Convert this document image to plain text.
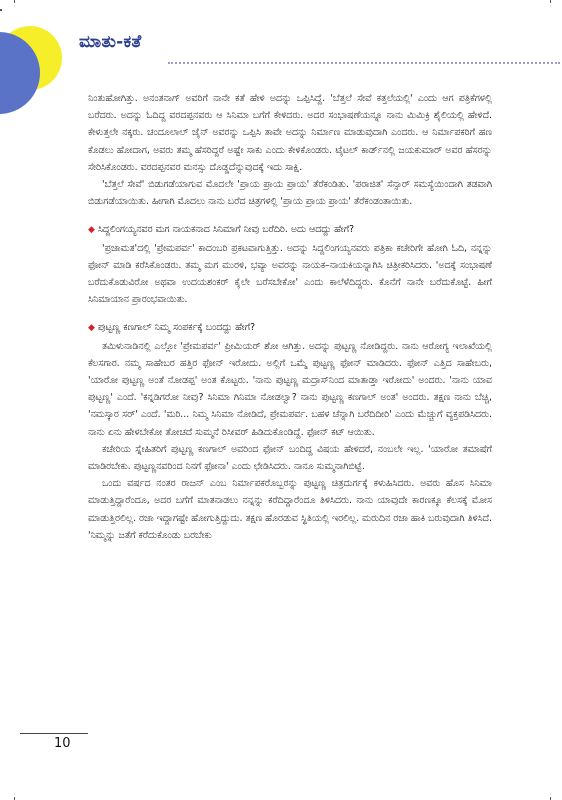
ಮಾತು-ಕತೆ

ನಿಂತುಹೋಗಿತ್ತು. ಅನಂತನಾಗ್ ಅವರಿಗೆ ನಾನೇ ಕತೆ ಹೇಳಿ ಅದನ್ನು ಒಪ್ಪಿಸಿದ್ದೆ. 'ಬೆತ್ತಲೆ ಸೇವೆ ಕತ್ತಲೆಯಲ್ಲಿ' ಎಂದು ಆಗ ಪತ್ರಿಕೆಗಳಲ್ಲಿ ಬರೆದರು. ಅದನ್ನು ಓದಿದ್ದ ವರದಪ್ಪನವರು ಆ ಸಿನಿಮಾ ಬಗೆಗೆ ಕೇಳಿದರು. ಅದರ ಸಂಭಾಷಣೆಯನ್ನೂ ನಾನು ಮಿಮಿಕ್ರಿ ಶೈಲಿಯಲ್ಲಿ ಹೇಳಿದೆ. ಕೇಳುತ್ತಲೇ ನಕ್ಕರು. ಚಂದೂಲಾಲ್ ಜೈನ್ ಅವರನ್ನು ಒಪ್ಪಿಸಿ ತಾವೇ ಅದನ್ನು ನಿರ್ಮಾಣ ಮಾಡುವುದಾಗಿ ಎಂದರು. ಆ ನಿರ್ಮಾಪಕರಿಗೆ ಹಣ ಕೊಡಲು ಹೋದಾಗ, ಅವರು ತಮ್ಮ ಹೆಸರಿದ್ದರೆ ಅಷ್ಟೇ ಸಾಕು ಎಂದು ಕೇಳಿಕೊಂಡರು. ಟೈಟಲ್ ಕಾರ್ಡ್‌ನಲ್ಲಿ ಜಯಕುಮಾರ್ ಅವರ ಹೆಸರನ್ನು ಸೇರಿಸಿಕೊಂಡರು. ವರದಪ್ಪನವರ ಮನಸ್ಸು ದೊಡ್ಡದೆನ್ನುವುದಕ್ಕೆ ಇದು ಸಾಕ್ಷಿ.

'ಬೆತ್ತಲೆ ಸೇವೆ' ಬಿಡುಗಡೆಯಾಗುವ ಮೊದಲೇ 'ಪ್ರಾಯ ಪ್ರಾಯ ಪ್ರಾಯ' ತೆರೆಕಂಡಿತು. 'ಪರಾಜಿತ' ಸೆನ್ಸಾರ್ ಸಮಸ್ಯೆಯಿಂದಾಗಿ ತಡವಾಗಿ ಬಿಡುಗಡೆಯಾಯಿತು. ಹೀಗಾಗಿ ಮೊದಲು ನಾನು ಬರೆದ ಚಿತ್ರಗಳಲ್ಲಿ 'ಪ್ರಾಯ ಪ್ರಾಯ ಪ್ರಾಯ' ತೆರೆಕಂಡಂತಾಯಿತು.

◆ ಸಿದ್ದಲಿಂಗಯ್ಯನವರ ಮಗ ನಾಯಕನಾದ ಸಿನಿಮಾಗೆ ನೀವು ಬರೆದಿರಿ. ಅದು ಆದದ್ದು ಹೇಗೆ?

'ಪ್ರಜಾಮತ'ದಲ್ಲಿ 'ಪ್ರೇಮಪರ್ವ' ಕಾದಂಬರಿ ಪ್ರಕಟವಾಗುತ್ತಿತ್ತು. ಅದನ್ನು ಸಿದ್ದಲಿಂಗಯ್ಯನವರು ಪತ್ರಿಕಾ ಕಚೇರಿಗೇ ಹೋಗಿ ಓದಿ, ನನ್ನನ್ನು ಫೋನ್ ಮಾಡಿ ಕರೆಸಿಕೊಂಡರು. ತಮ್ಮ ಮಗ ಮುರಳಿ, ಭವ್ಯಾ ಅವರನ್ನು ನಾಯಕ–ನಾಯಕಿಯನ್ನಾಗಿಸಿ ಚಿತ್ರೀಕರಿಸಿದರು. 'ಅದಕ್ಕೆ ಸಂಭಾಷಣೆ ಬರೆದುಕೊಡುವಿರೋ ಅಥವಾ ಉದಯಶಂಕರ್ ಕೈಲೇ ಬರೆಸಬೇಕೋ' ಎಂದು ಕಾಲೆಳೆದಿದ್ದರು. ಕೊನೆಗೆ ನಾನೇ ಬರೆದುಕೊಟ್ಟೆ. ಹೀಗೆ ಸಿನಿಮಾಯಾನ ಪ್ರಾರಂಭವಾಯಿತು.

◆ ಪುಟ್ಟಣ್ಣ ಕಣಗಾಲ್ ನಿಮ್ಮ ಸಂಪರ್ಕಕ್ಕೆ ಬಂದದ್ದು ಹೇಗೆ?

ತಮಿಳುನಾಡಿನಲ್ಲಿ ಎಲ್ಲೋ 'ಪ್ರೇಮಪರ್ವ' ಪ್ರೀಮಿಯರ್ ಶೋ ಆಗಿತ್ತು. ಅದನ್ನು ಪುಟ್ಟಣ್ಣ ನೋಡಿದ್ದರು. ನಾನು ಆರೋಗ್ಯ ಇಲಾಖೆಯಲ್ಲಿ ಕೆಲಸಗಾರ. ನಮ್ಮ ಸಾಹೇಬರ ಹತ್ತಿರ ಫೋನ್ ಇರೋದು. ಅಲ್ಲಿಗೆ ಒಮ್ಮೆ ಪುಟ್ಟಣ್ಣ ಫೋನ್ ಮಾಡಿದರು. ಫೋನ್ ಎತ್ತಿದ ಸಾಹೇಬರು, 'ಯಾರೋ ಪುಟ್ಟಣ್ಣ ಅಂತೆ ನೋಡಪ್ಪ' ಅಂತ ಕೊಟ್ಟರು. 'ನಾನು ಪುಟ್ಟಣ್ಣ ಮದ್ರಾಸ್‌ನಿಂದ ಮಾತಾಡ್ತಾ ಇರೋದು' ಅಂದರು. 'ನಾನು ಯಾವ ಪುಟ್ಟಣ್ಣ' ಎಂದೆ. 'ಕನ್ನಡಿಗರೋ ನೀವು? ಸಿನಿಮಾ ಗಿನಿಮಾ ನೋಡಲ್ವಾ? ನಾನು ಪುಟ್ಟಣ್ಣ ಕಣಗಾಲ್ ಅಂತ' ಅಂದರು. ತಕ್ಷಣ ನಾನು ಬೆಚ್ಚಿ, 'ನಮಸ್ಕಾರ ಸರ್' ಎಂದೆ. 'ಮರಿ... ನಿಮ್ಮ ಸಿನಿಮಾ ನೋಡಿದೆ, ಪ್ರೇಮಪರ್ವ. ಬಹಳ ಚೆನ್ನಾಗಿ ಬರೆದಿದೀರಿ' ಎಂದು ಮೆಚ್ಚುಗೆ ವ್ಯಕ್ತಪಡಿಸಿದರು. ನಾನು ಏನು ಹೇಳಬೇಕೋ ತೋಚದೆ ಸುಮ್ಮನೆ ರಿಸೀವರ್ ಹಿಡಿದುಕೊಂಡಿದ್ದೆ. ಫೋನ್ ಕಟ್ ಆಯಿತು.

ಕಚೇರಿಯ ಸ್ನೇಹಿತರಿಗೆ ಪುಟ್ಟಣ್ಣ ಕಣಗಾಲ್ ಅವರಿಂದ ಫೋನ್ ಬಂದಿದ್ದ ವಿಷಯ ಹೇಳಿದರೆ, ನಂಬಲೇ ಇಲ್ಲ. 'ಯಾರೋ ತಮಾಷೆಗೆ ಮಾಡಿರಬೇಕು. ಪುಟ್ಟಣ್ಣನವರಿಂದ ನಿನಗೆ ಫೋನಾ' ಎಂದು ಛೇಡಿಸಿದರು. ನಾನೂ ಸುಮ್ಮನಾಗಿಬಿಟ್ಟೆ.

ಒಂದು ವರ್ಷದ ನಂತರ ರಾಜನ್ ಎಂಬ ನಿರ್ಮಾಪಕರೊಬ್ಬರನ್ನು ಪುಟ್ಟಣ್ಣ ಚಿತ್ರದುರ್ಗಕ್ಕೆ ಕಳುಹಿಸಿದರು. ಅವರು ಹೊಸ ಸಿನಿಮಾ ಮಾಡುತ್ತಿದ್ದಾರೆಂದೂ, ಅದರ ಬಗೆಗೆ ಮಾತನಾಡಲು ನನ್ನನ್ನು ಕರೆದಿದ್ದಾರೆಂದೂ ತಿಳಿಸಿದರು. ನಾನು ಯಾವುದೇ ಕಾರಣಕ್ಕೂ ಕೆಲಸಕ್ಕೆ ಮೋಸ ಮಾಡುತ್ತಿರಲಿಲ್ಲ. ರಜಾ ಇದ್ದಾಗಷ್ಟೇ ಹೋಗುತ್ತಿದ್ದುದು. ತಕ್ಷಣ ಹೊರಡುವ ಸ್ಥಿತಿಯಲ್ಲಿ ಇರಲಿಲ್ಲ. ಮರುದಿನ ರಜಾ ಹಾಕಿ ಬರುವುದಾಗಿ ತಿಳಿಸಿದೆ. 'ನಿಮ್ಮನ್ನು ಜತೆಗೆ ಕರೆದುಕೊಂಡು ಬರಬೇಕು

10
